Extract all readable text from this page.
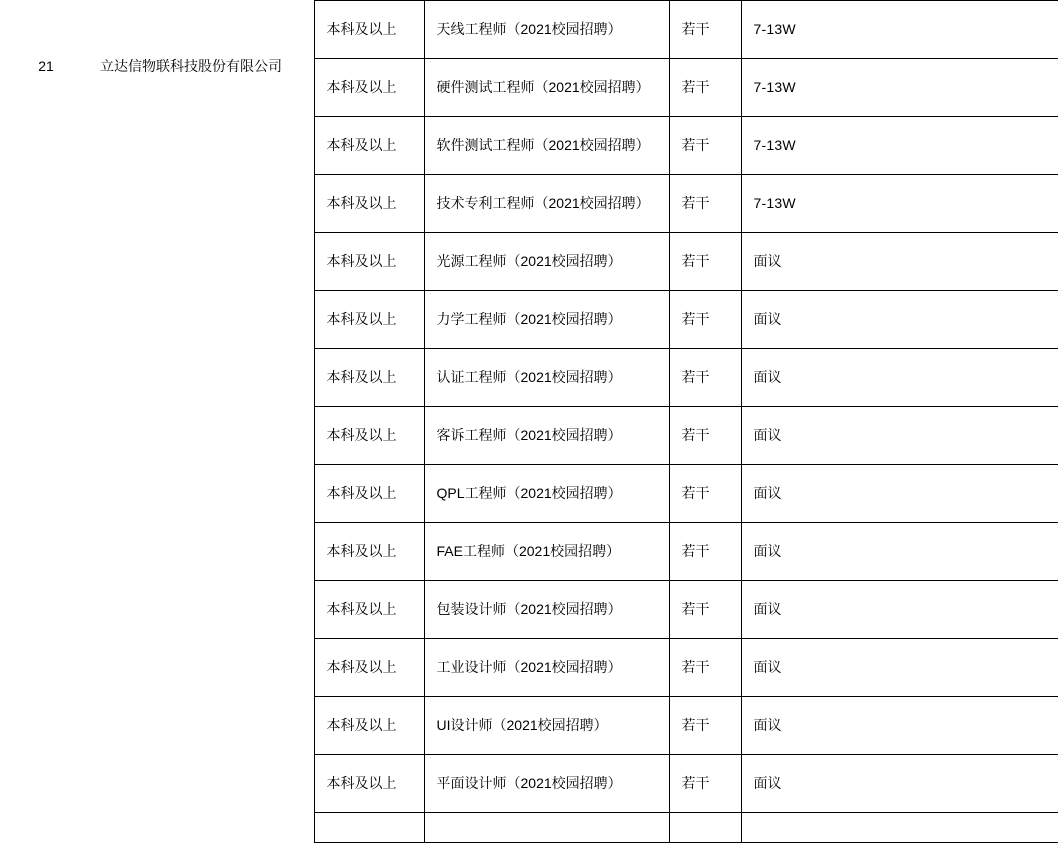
21	立达信物联科技股份有限公司	本科及以上	天线工程师（2021校园招聘）	若干	7-13W
		本科及以上	硬件测试工程师（2021校园招聘）	若干	7-13W
		本科及以上	软件测试工程师（2021校园招聘）	若干	7-13W
		本科及以上	技术专利工程师（2021校园招聘）	若干	7-13W
		本科及以上	光源工程师（2021校园招聘）	若干	面议
		本科及以上	力学工程师（2021校园招聘）	若干	面议
		本科及以上	认证工程师（2021校园招聘）	若干	面议
		本科及以上	客诉工程师（2021校园招聘）	若干	面议
		本科及以上	QPL工程师（2021校园招聘）	若干	面议
		本科及以上	FAE工程师（2021校园招聘）	若干	面议
		本科及以上	包装设计师（2021校园招聘）	若干	面议
		本科及以上	工业设计师（2021校园招聘）	若干	面议
		本科及以上	UI设计师（2021校园招聘）	若干	面议
		本科及以上	平面设计师（2021校园招聘）	若干	面议
